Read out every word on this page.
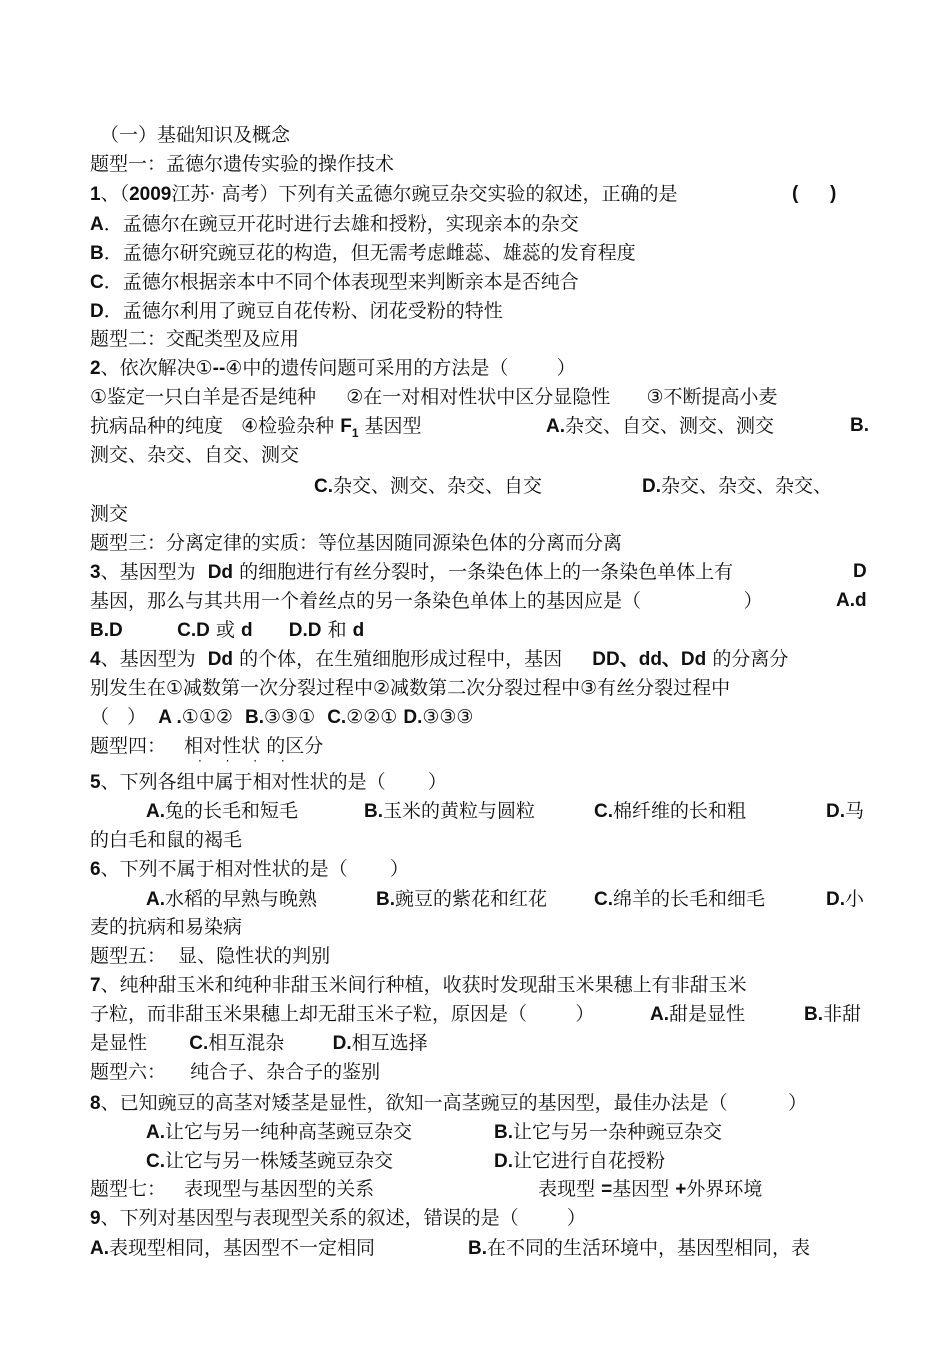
（一）基础知识及概念
题型一：孟德尔遗传实验的操作技术
1、（2009江苏· 高考）下列有关孟德尔豌豆杂交实验的叙述，正确的是	(      )
A．孟德尔在豌豆开花时进行去雄和授粉，实现亲本的杂交
B．孟德尔研究豌豆花的构造，但无需考虑雌蕊、雄蕊的发育程度
C．孟德尔根据亲本中不同个体表现型来判断亲本是否纯合
D．孟德尔利用了豌豆自花传粉、闭花受粉的特性
题型二：交配类型及应用
2、依次解决①--④中的遗传问题可采用的方法是（        ）
①鉴定一只白羊是否是纯种     ②在一对相对性状中区分显隐性      ③不断提高小麦
抗病品种的纯度   ④检验杂种 $F_1$ 基因型	A.杂交、自交、测交、测交	B.
测交、杂交、自交、测交
C.杂交、测交、杂交、自交	D.杂交、杂交、杂交、
测交
题型三：分离定律的实质：等位基因随同源染色体的分离而分离
3、基因型为 Dd 的细胞进行有丝分裂时，一条染色体上的一条染色单体上有	D
基因，那么与其共用一个着丝点的另一条染色单体上的基因应是（                 ）	A.d
B.D	C.D 或 d D.D 和 d
4、基因型为 Dd 的个体，在生殖细胞形成过程中，基因 DD、dd、Dd 的分离分
别发生在①减数第一次分裂过程中②减数第二次分裂过程中③有丝分裂过程中
（   ） A .①①② B.③③① C.②②① D.③③③
题型四： 相对性状 的区分
· · · ·
5、下列各组中属于相对性状的是（       ）
A.兔的长毛和短毛	B.玉米的黄粒与圆粒	C.棉纤维的长和粗	D.马
的白毛和鼠的褐毛
6、下列不属于相对性状的是（       ）
A.水稻的早熟与晚熟	B.豌豆的紫花和红花 C.绵羊的长毛和细毛	D.小
麦的抗病和易染病
题型五：  显、隐性状的判别
7、纯种甜玉米和纯种非甜玉米间行种植，收获时发现甜玉米果穗上有非甜玉米
子粒，而非甜玉米果穗上却无甜玉米子粒，原因是（        ）	A.甜是显性	B.非甜
是显性 C.相互混杂	D.相互选择
题型六：    纯合子、杂合子的鉴别
8、已知豌豆的高茎对矮茎是显性，欲知一高茎豌豆的基因型，最佳办法是（          ）
A.让它与另一纯种高茎豌豆杂交	B.让它与另一杂种豌豆杂交
C.让它与另一株矮茎豌豆杂交	D.让它进行自花授粉
题型七：   表现型与基因型的关系	表现型 =基因型 +外界环境
9、下列对基因型与表现型关系的叙述，错误的是（        ）
A.表现型相同，基因型不一定相同	B.在不同的生活环境中，基因型相同，表
